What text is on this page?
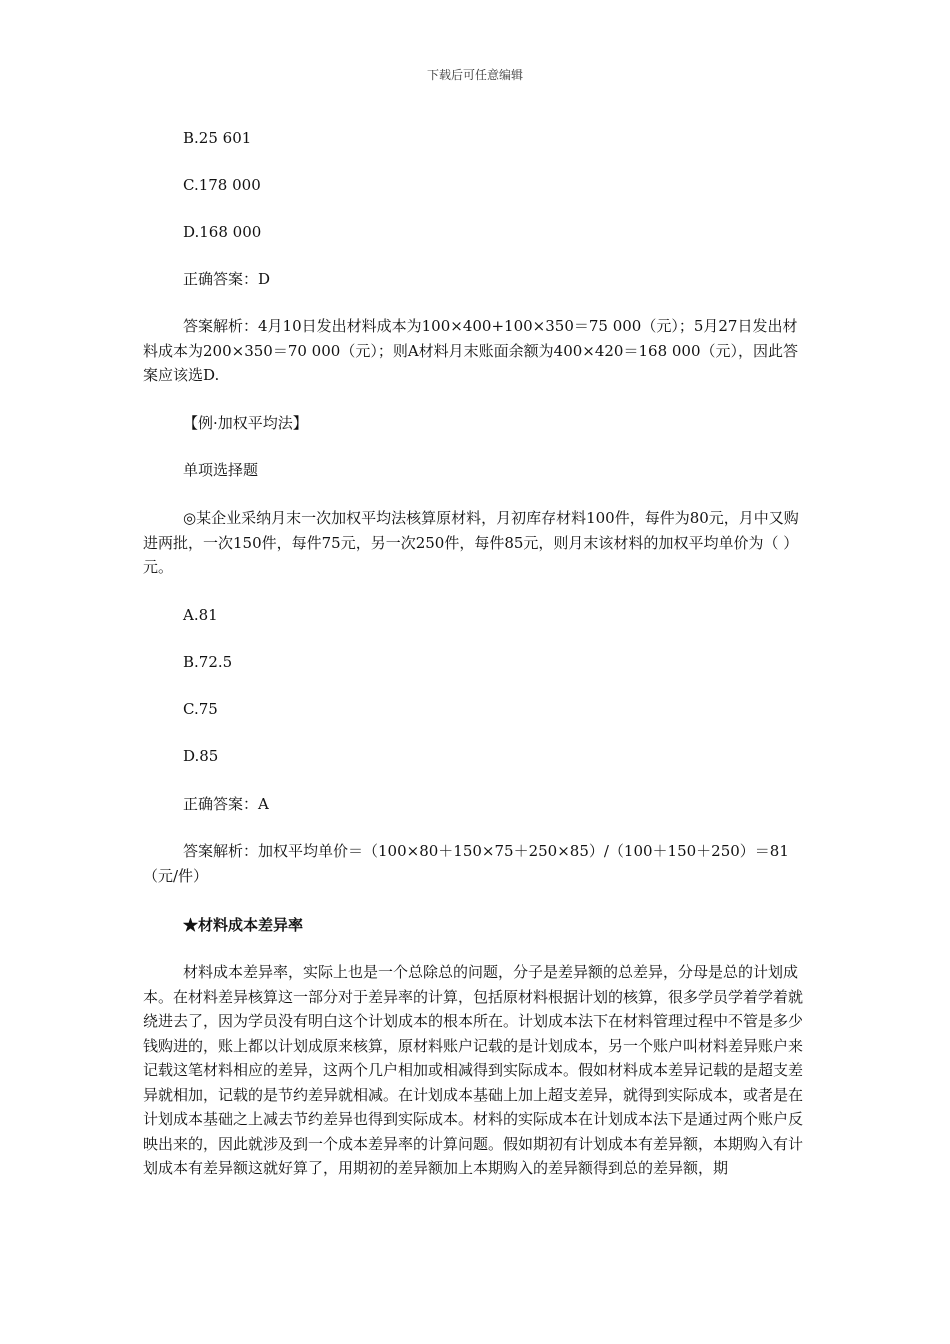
下载后可任意编辑

B.25 601

C.178 000

D.168 000

正确答案：D

答案解析：4月10日发出材料成本为100×400+100×350＝75 000（元）；5月27日发出材料成本为200×350＝70 000（元）；则A材料月末账面余额为400×420＝168 000（元），因此答案应该选D.

【例·加权平均法】

单项选择题

◎某企业采纳月末一次加权平均法核算原材料，月初库存材料100件，每件为80元，月中又购进两批，一次150件，每件75元，另一次250件，每件85元，则月末该材料的加权平均单价为（ ）元。

A.81

B.72.5

C.75

D.85

正确答案：A

答案解析：加权平均单价＝（100×80＋150×75＋250×85）/（100＋150＋250）＝81（元/件）

★材料成本差异率

材料成本差异率，实际上也是一个总除总的问题，分子是差异额的总差异，分母是总的计划成本。在材料差异核算这一部分对于差异率的计算，包括原材料根据计划的核算，很多学员学着学着就绕进去了，因为学员没有明白这个计划成本的根本所在。计划成本法下在材料管理过程中不管是多少钱购进的，账上都以计划成原来核算，原材料账户记载的是计划成本，另一个账户叫材料差异账户来记载这笔材料相应的差异，这两个几户相加或相减得到实际成本。假如材料成本差异记载的是超支差异就相加，记载的是节约差异就相减。在计划成本基础上加上超支差异，就得到实际成本，或者是在计划成本基础之上减去节约差异也得到实际成本。材料的实际成本在计划成本法下是通过两个账户反映出来的，因此就涉及到一个成本差异率的计算问题。假如期初有计划成本有差异额，本期购入有计划成本有差异额这就好算了，用期初的差异额加上本期购入的差异额得到总的差异额，期
